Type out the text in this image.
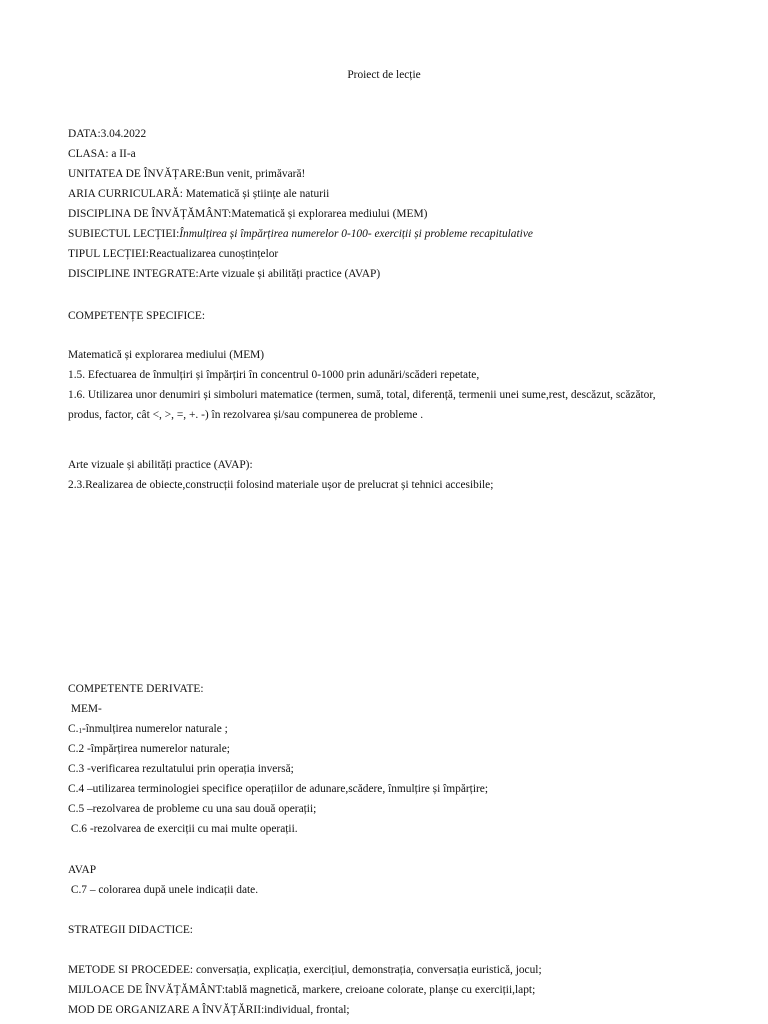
Proiect de lecție
DATA:3.04.2022
CLASA: a II-a
UNITATEA DE ÎNVĂȚARE:Bun venit, primăvară!
ARIA CURRICULARĂ: Matematică și științe ale naturii
DISCIPLINA DE ÎNVĂȚĂMÂNT:Matematică și explorarea mediului (MEM)
SUBIECTUL LECȚIEI:Înmulțirea și împărțirea numerelor 0-100- exerciții și probleme recapitulative
TIPUL LECȚIEI:Reactualizarea cunoștințelor
DISCIPLINE INTEGRATE:Arte vizuale și abilități practice (AVAP)
COMPETENȚE SPECIFICE:
Matematică și explorarea mediului (MEM)
1.5. Efectuarea de înmulțiri și împărțiri în concentrul 0-1000 prin adunări/scăderi repetate,
1.6. Utilizarea unor denumiri și simboluri matematice (termen, sumă, total, diferență, termenii unei sume,rest, descăzut, scăzător,
produs, factor, cât <, >, =, +. -) în rezolvarea și/sau compunerea de probleme .
Arte vizuale și abilități practice (AVAP):
2.3.Realizarea de obiecte,construcții folosind materiale ușor de prelucrat și tehnici accesibile;
COMPETENTE DERIVATE:
MEM-
C.1-înmulțirea numerelor naturale ;
C.2 -împărțirea numerelor naturale;
C.3 -verificarea rezultatului prin operația inversă;
C.4 –utilizarea terminologiei specifice operațiilor de adunare,scădere, înmulțire și împărțire;
C.5 –rezolvarea de probleme cu una sau două operații;
C.6 -rezolvarea de exerciții cu mai multe operații.
AVAP
C.7 – colorarea după unele indicații date.
STRATEGII DIDACTICE:
METODE SI PROCEDEE: conversația, explicația, exercițiul, demonstrația, conversația euristică, jocul;
MIJLOACE DE ÎNVĂȚĂMÂNT:tablă magnetică, markere, creioane colorate, planșe cu exerciții,lapt;
MOD DE ORGANIZARE A ÎNVĂȚĂRII:individual, frontal;
